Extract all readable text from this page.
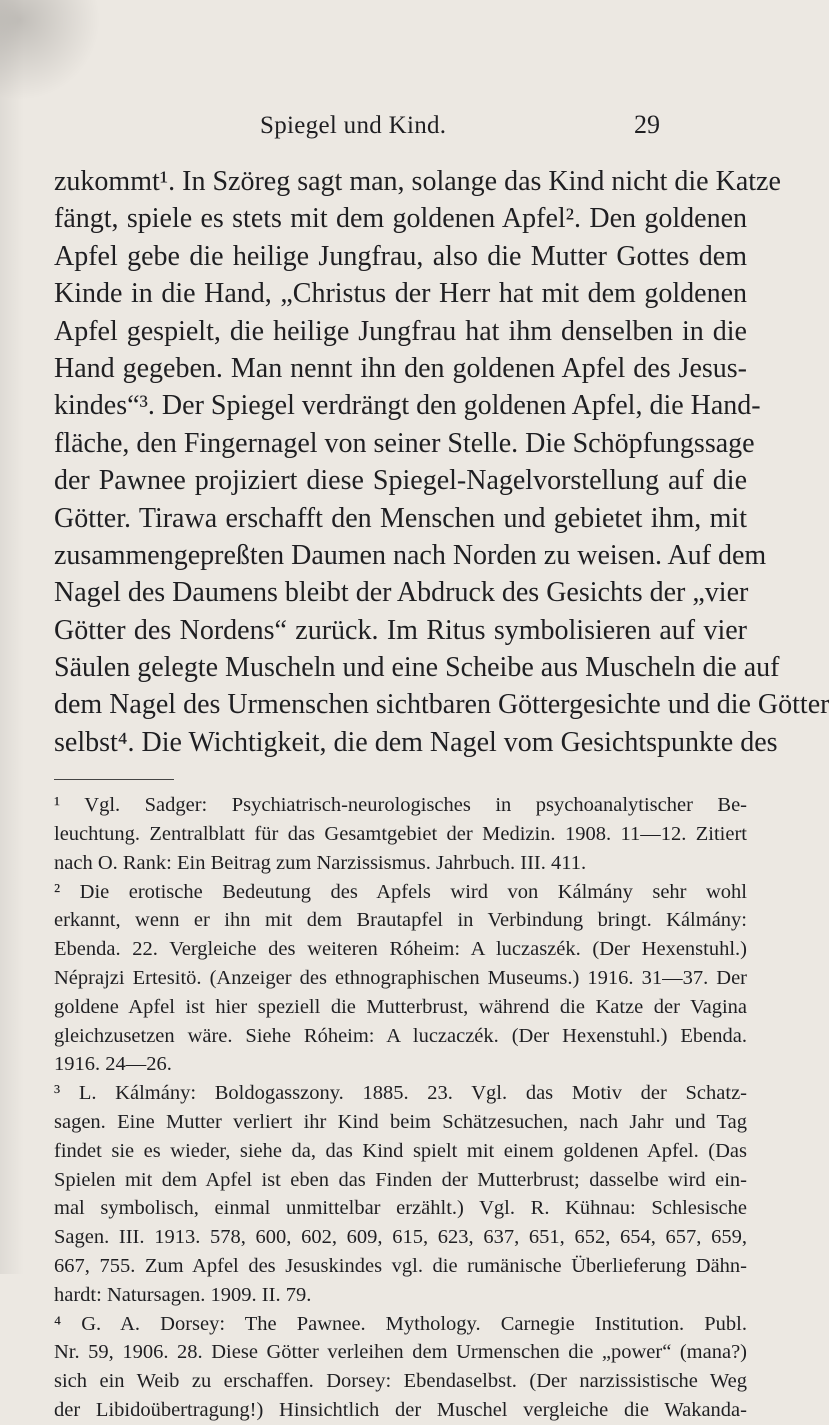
Spiegel und Kind.	29
zukommt¹. In Szöreg sagt man, solange das Kind nicht die Katze
fängt, spiele es stets mit dem goldenen Apfel². Den goldenen
Apfel gebe die heilige Jungfrau, also die Mutter Gottes dem
Kinde in die Hand, „Christus der Herr hat mit dem goldenen
Apfel gespielt, die heilige Jungfrau hat ihm denselben in die
Hand gegeben. Man nennt ihn den goldenen Apfel des Jesus-
kindes“³. Der Spiegel verdrängt den goldenen Apfel, die Hand-
fläche, den Fingernagel von seiner Stelle. Die Schöpfungssage
der Pawnee projiziert diese Spiegel-Nagelvorstellung auf die
Götter. Tirawa erschafft den Menschen und gebietet ihm, mit
zusammengepreßten Daumen nach Norden zu weisen. Auf dem
Nagel des Daumens bleibt der Abdruck des Gesichts der „vier
Götter des Nordens“ zurück. Im Ritus symbolisieren auf vier
Säulen gelegte Muscheln und eine Scheibe aus Muscheln die auf
dem Nagel des Urmenschen sichtbaren Göttergesichte und die Götter
selbst⁴. Die Wichtigkeit, die dem Nagel vom Gesichtspunkte des
¹ Vgl. Sadger: Psychiatrisch-neurologisches in psychoanalytischer Be-
leuchtung. Zentralblatt für das Gesamtgebiet der Medizin. 1908. 11—12. Zitiert
nach O. Rank: Ein Beitrag zum Narzissismus. Jahrbuch. III. 411.
² Die erotische Bedeutung des Apfels wird von Kálmány sehr wohl
erkannt, wenn er ihn mit dem Brautapfel in Verbindung bringt. Kálmány:
Ebenda. 22. Vergleiche des weiteren Róheim: A luczaszék. (Der Hexenstuhl.)
Néprajzi Ertesitö. (Anzeiger des ethnographischen Museums.) 1916. 31—37. Der
goldene Apfel ist hier speziell die Mutterbrust, während die Katze der Vagina
gleichzusetzen wäre. Siehe Róheim: A luczaczék. (Der Hexenstuhl.) Ebenda.
1916. 24—26.
³ L. Kálmány: Boldogasszony. 1885. 23. Vgl. das Motiv der Schatz-
sagen. Eine Mutter verliert ihr Kind beim Schätzesuchen, nach Jahr und Tag
findet sie es wieder, siehe da, das Kind spielt mit einem goldenen Apfel. (Das
Spielen mit dem Apfel ist eben das Finden der Mutterbrust; dasselbe wird ein-
mal symbolisch, einmal unmittelbar erzählt.) Vgl. R. Kühnau: Schlesische
Sagen. III. 1913. 578, 600, 602, 609, 615, 623, 637, 651, 652, 654, 657, 659,
667, 755. Zum Apfel des Jesuskindes vgl. die rumänische Überlieferung Dähn-
hardt: Natursagen. 1909. II. 79.
⁴ G. A. Dorsey: The Pawnee. Mythology. Carnegie Institution. Publ.
Nr. 59, 1906. 28. Diese Götter verleihen dem Urmenschen die „power“ (mana?)
sich ein Weib zu erschaffen. Dorsey: Ebendaselbst. (Der narzissistische Weg
der Libidoübertragung!) Hinsichtlich der Muschel vergleiche die Wakanda-
